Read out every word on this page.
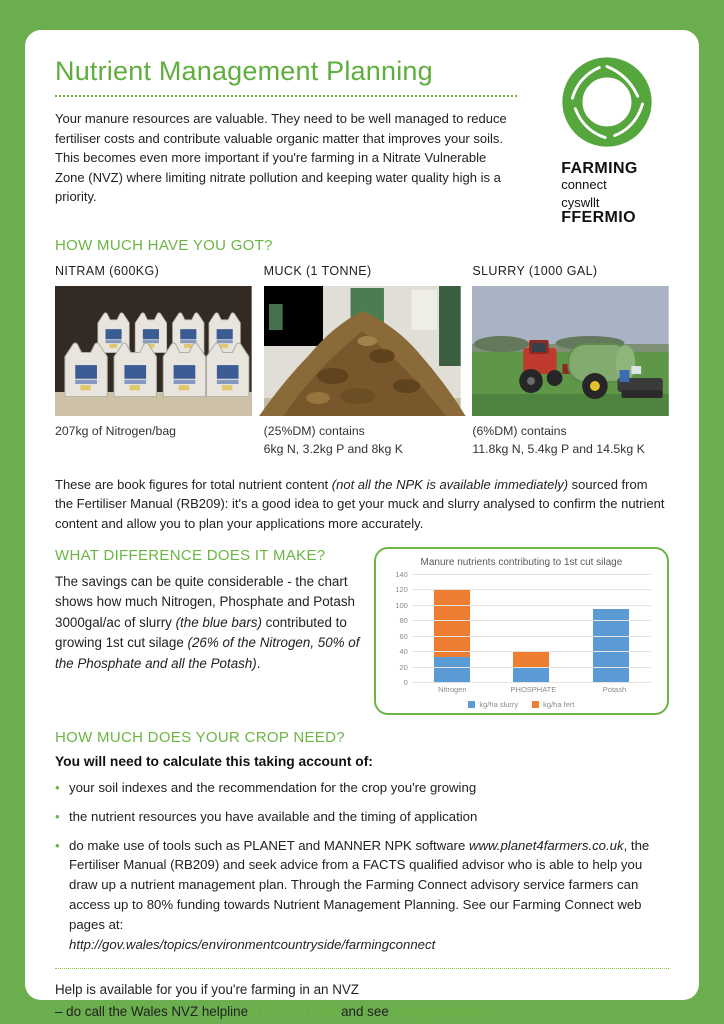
Nutrient Management Planning
Your manure resources are valuable. They need to be well managed to reduce fertiliser costs and contribute valuable organic matter that improves your soils. This becomes even more important if you're farming in a Nitrate Vulnerable Zone (NVZ) where limiting nitrate pollution and keeping water quality high is a priority.
FARMING
connect
cyswllt
FFERMIO
HOW MUCH HAVE YOU GOT?
NITRAM (600KG)
207kg of Nitrogen/bag
MUCK (1 TONNE)
(25%DM) contains
6kg N, 3.2kg P and 8kg K
SLURRY (1000 GAL)
(6%DM) contains
11.8kg N, 5.4kg P and 14.5kg K
These are book figures for total nutrient content (not all the NPK is available immediately) sourced from the Fertiliser Manual (RB209): it's a good idea to get your muck and slurry analysed to confirm the nutrient content and allow you to plan your applications more accurately.
WHAT DIFFERENCE DOES IT MAKE?
The savings can be quite considerable - the chart shows how much Nitrogen, Phosphate and Potash 3000gal/ac of slurry (the blue bars) contributed to growing 1st cut silage (26% of the Nitrogen, 50% of the Phosphate and all the Potash).
Manure nutrients contributing to 1st cut silage
0
20
40
60
80
100
120
140
Nitrogen	PHOSPHATE	Potash
kg/ha slurry	kg/ha fert
HOW MUCH DOES YOUR CROP NEED?
You will need to calculate this taking account of:
• your soil indexes and the recommendation for the crop you're growing
• the nutrient resources you have available and the timing of application
• do make use of tools such as PLANET and MANNER NPK software www.planet4farmers.co.uk, the Fertiliser Manual (RB209) and seek advice from a FACTS qualified advisor who is able to help you draw up a nutrient management plan. Through the Farming Connect advisory service farmers can access up to 80% funding towards Nutrient Management Planning. See our Farming Connect web pages at:
http://gov.wales/topics/environmentcountryside/farmingconnect
Help is available for you if you're farming in an NVZ
– do call the Wales NVZ helpline 01974 847000 and see www.gov.wales
